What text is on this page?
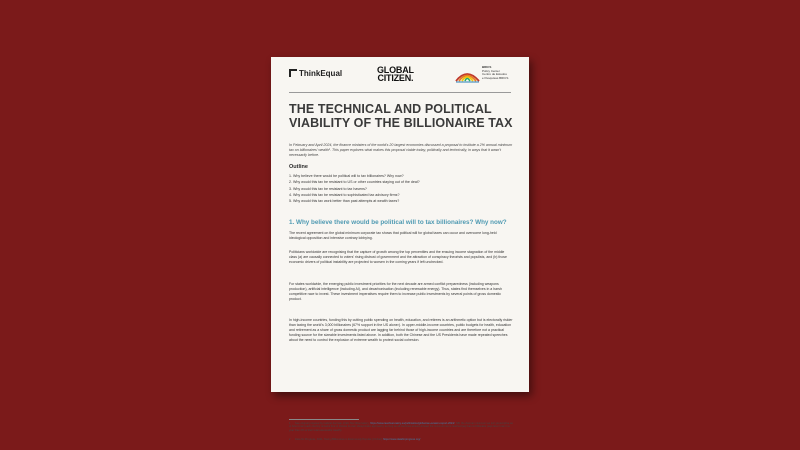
ThinkEqual	GLOBAL
CITIZEN.
BRICS
Policy Center
Centro de Estudos
e Pesquisas BRICS
THE TECHNICAL AND POLITICAL VIABILITY OF THE BILLIONAIRE TAX
In February and April 2024, the finance ministers of the world's 20 largest economies discussed a proposal to institute a 2% annual minimum tax on billionaires' wealth¹. This paper explores what makes this proposal viable today, politically and technically, in ways that it wasn't necessarily before.
Outline
1. Why believe there would be political will to tax billionaires? Why now?
2. Why would this tax be resistant to US or other countries staying out of the deal?
3. Why would this tax be resistant to tax havens?
4. Why would this tax be resistant to sophisticated tax advisory firms?
5. Why would this tax work better than past attempts at wealth taxes?
1. Why believe there would be political will to tax billionaires? Why now?

The recent agreement on the global minimum corporate tax shows that political will for global taxes can occur and overcome long-held ideological opposition and intensive contrary lobbying.

Politicians worldwide are recognising that the capture of growth among the top percentiles and the ensuing income stagnation of the middle class (a) are causally connected to voters' rising distrust of government and the attraction of conspiracy theorists and populists, and (b) those economic drivers of political instability are projected to worsen in the coming years if left unchecked.

For states worldwide, the emerging public investment priorities for the next decade are armed conflict preparedness (including weapons production), artificial intelligence (including AI), and decarbonisation (including renewable energy). Thus, states find themselves in a harsh competitive race to invest. These investment imperatives require them to increase public investments by several points of gross domestic product.

In high-income countries, funding this by cutting public spending on health, education, and retirees is an arithmetic option but is electorally riskier than taxing the world's 3,000 billionaires (67% support in the US alone²). In upper-middle-income countries, public budgets for health, education and retirement as a share of gross domestic product are lagging far behind those of high-income countries and are therefore not a practical funding source for the sizeable investments listed above. In addition, both the Chinese and the US Presidents have made repeated speeches about the need to control the explosion of extreme wealth to protect social cohesion.

1 See original proposal by Gabriel Zucman of EU Tax Observatory: https://www.taxobservatory.eu/publication/global-tax-evasion-report-2024/. NB: the Zucman minimum tax isn't prescriptive as to how to tax (each country remains free to choose its own idiosyncratic approach), as long as all countries ensure at least the minimum tax is reached (eg that no billionaire pays less in tax in a year than 2% of their total assessable wealth).
2 Data for Progress, 2021. Taxing Billionaires is Enormously Popular. [Online]: https://www.dataforprogress.org/
